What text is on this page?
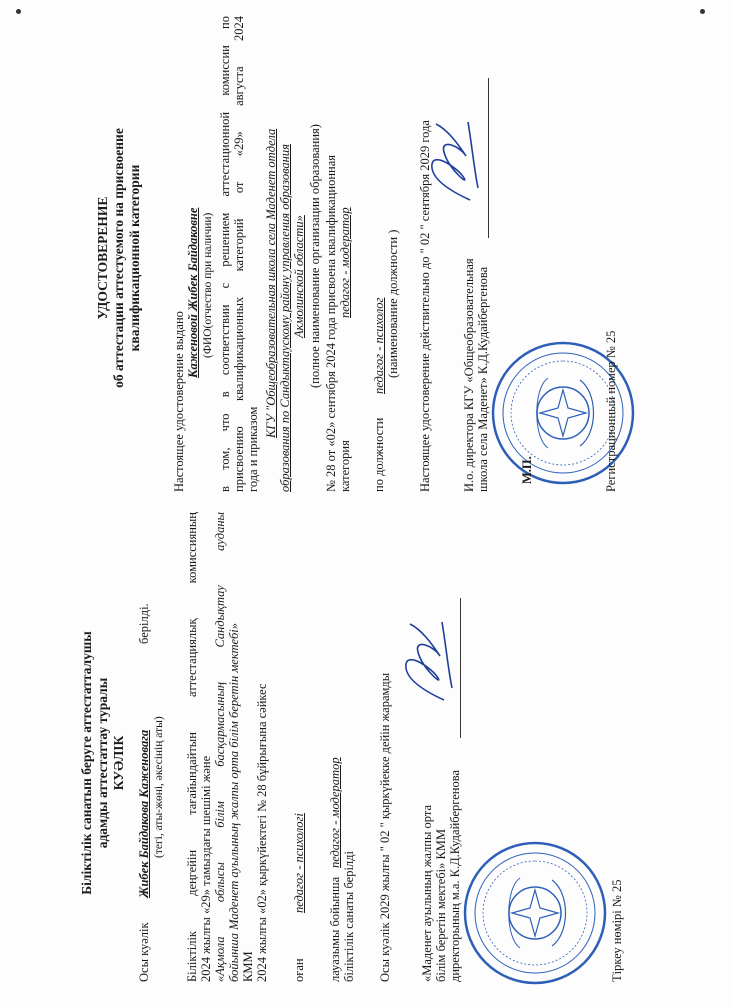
Біліктілік санатын беруге аттестатталушы адамды аттестаттау туралы КУӘЛІК
Осы куәлік
Жибек Байдакова Каженовага
берілді.
(тегі, аты-жөні, әкесінің аты) Біліктілік деңгейін тағайындайтын аттестациялық комиссияның 2024 жылғы «29» тамыздағы шешімі және «Ақмола облысы білім басқармасының Сандықтау ауданы бойынша Маденет ауылының жалпы орта білім беретін мектебі» КММ 2024 жылғы «02» қыркүйектегі № 28 бұйрығына сәйкес оған
педагог - психологі
лауазымы бойынша
педагог - модератор
біліктілік санаты берілді Осы куәлік 2029 жылғы " 02 " қыркүйекке дейін жарамды «Маденет ауылының жалпы орта білім беретін мектебі» КММ директорының м.а. К.Д.Кудайбергенова	Тіркеу нөмірі № 25
УДОСТОВЕРЕНИЕ об аттестации аттестуемого на присвоение квалификационной категории
Настоящее удостоверение выдано
Каженовой Жибек Байдаковне (ФИО(отчество при наличии) в том, что в соответствии с решением аттестационной комиссии по присвоению квалификационных категорий от «29» августа 2024 года и приказом
КГУ "Общеобразовательная школа села Маденет отдела образования по Сандыктаускому району управления образования Акмолинской области» (полное наименование организации образования) № 28 от «02» сентября 2024 года присвоена квалификационная категория
педагог - модератор
по должности
педагог - психолог (наименование должности ) Настоящее удостоверение действительно до " 02 " сентября 2029 года И.о. директора КГУ «Общеобразовательная школа села Маденет» К.Д.Кудайбергенова М.П.	Регистрационный номер № 25
